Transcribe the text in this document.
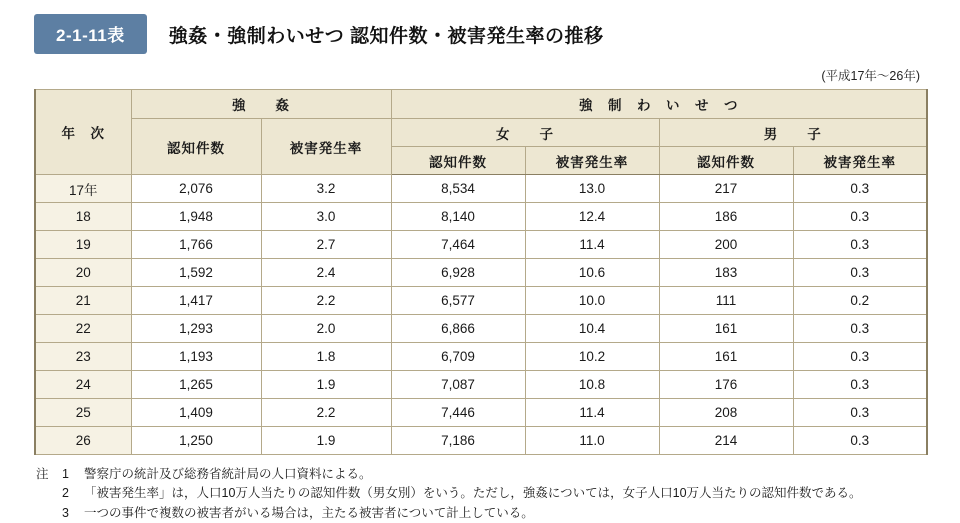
2-1-11表	強姦・強制わいせつ 認知件数・被害発生率の推移
(平成17年〜26年)
年　次	強　　姦		強　制　わ　い　せ　つ			
	認知件数	被害発生率	女　　子		男　　子	
			認知件数	被害発生率	認知件数	被害発生率
17年	2,076	3.2	8,534	13.0	217	0.3
18	1,948	3.0	8,140	12.4	186	0.3
19	1,766	2.7	7,464	11.4	200	0.3
20	1,592	2.4	6,928	10.6	183	0.3
21	1,417	2.2	6,577	10.0	111	0.2
22	1,293	2.0	6,866	10.4	161	0.3
23	1,193	1.8	6,709	10.2	161	0.3
24	1,265	1.9	7,087	10.8	176	0.3
25	1,409	2.2	7,446	11.4	208	0.3
26	1,250	1.9	7,186	11.0	214	0.3
注	1	警察庁の統計及び総務省統計局の人口資料による。
2	「被害発生率」は，人口10万人当たりの認知件数（男女別）をいう。ただし，強姦については，女子人口10万人当たりの認知件数である。
3	一つの事件で複数の被害者がいる場合は，主たる被害者について計上している。
